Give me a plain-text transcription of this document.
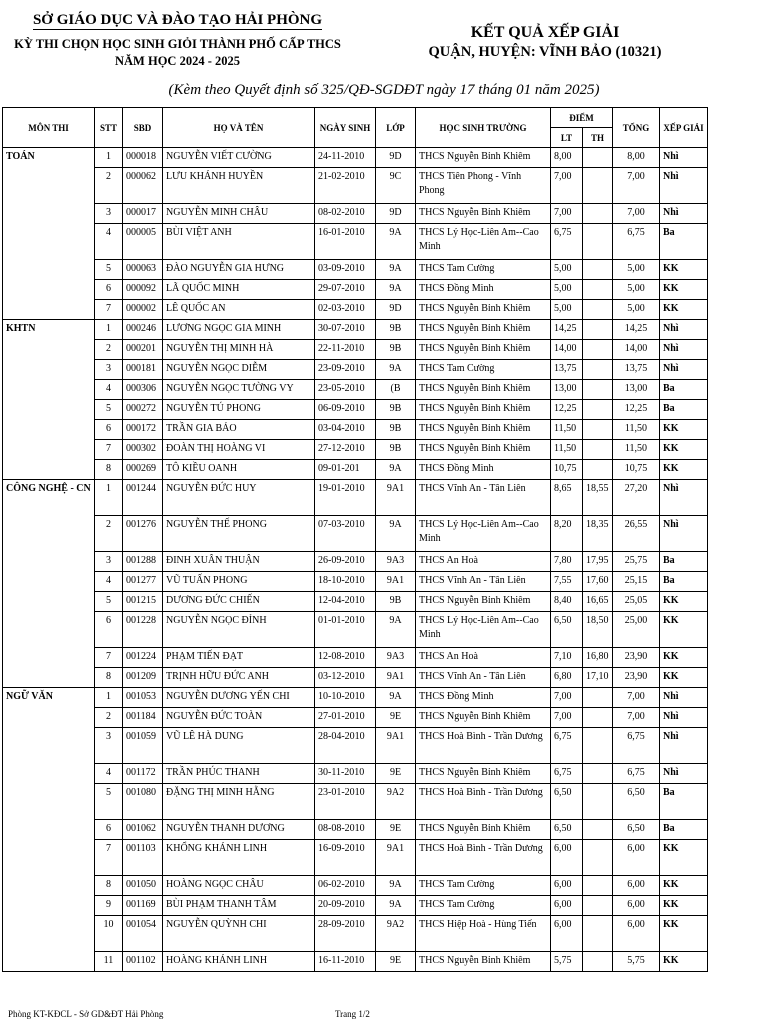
SỞ GIÁO DỤC VÀ ĐÀO TẠO HẢI PHÒNG
KỲ THI CHỌN HỌC SINH GIỎI THÀNH PHỐ CẤP THCS
NĂM HỌC 2024 - 2025
KẾT QUẢ XẾP GIẢI
QUẬN, HUYỆN: VĨNH BẢO (10321)
(Kèm theo Quyết định số 325/QĐ-SGDĐT ngày 17 tháng 01 năm 2025)
MÔN THI	STT	SBD	HỌ VÀ TÊN	NGÀY SINH	LỚP	HỌC SINH TRƯỜNG	ĐIỂM		TỔNG	XẾP GIẢI
							LT	TH		
TOÁN	1	000018	NGUYỄN VIẾT CƯỜNG	24-11-2010	9D	THCS Nguyễn Bỉnh Khiêm	8,00		8,00	Nhì
	2	000062	LƯU KHÁNH HUYỀN	21-02-2010	9C	THCS Tiên Phong - Vĩnh Phong	7,00		7,00	Nhì
	3	000017	NGUYỄN MINH CHÂU	08-02-2010	9D	THCS Nguyễn Bỉnh Khiêm	7,00		7,00	Nhì
	4	000005	BÙI VIỆT ANH	16-01-2010	9A	THCS Lý Học-Liên Am--Cao Minh	6,75		6,75	Ba
	5	000063	ĐÀO NGUYỄN GIA HƯNG	03-09-2010	9A	THCS Tam Cường	5,00		5,00	KK
	6	000092	LÃ QUỐC MINH	29-07-2010	9A	THCS Đồng Minh	5,00		5,00	KK
	7	000002	LÊ QUỐC AN	02-03-2010	9D	THCS Nguyễn Bỉnh Khiêm	5,00		5,00	KK
KHTN	1	000246	LƯƠNG NGỌC GIA MINH	30-07-2010	9B	THCS Nguyễn Bỉnh Khiêm	14,25		14,25	Nhì
	2	000201	NGUYỄN THỊ MINH HÀ	22-11-2010	9B	THCS Nguyễn Bỉnh Khiêm	14,00		14,00	Nhì
	3	000181	NGUYỄN NGỌC DIỄM	23-09-2010	9A	THCS Tam Cường	13,75		13,75	Nhì
	4	000306	NGUYỄN NGỌC TƯỜNG VY	23-05-2010	(B	THCS Nguyễn Bỉnh Khiêm	13,00		13,00	Ba
	5	000272	NGUYỄN TÚ PHONG	06-09-2010	9B	THCS Nguyễn Bỉnh Khiêm	12,25		12,25	Ba
	6	000172	TRẦN GIA BẢO	03-04-2010	9B	THCS Nguyễn Bỉnh Khiêm	11,50		11,50	KK
	7	000302	ĐOÀN THỊ HOÀNG VI	27-12-2010	9B	THCS Nguyễn Bỉnh Khiêm	11,50		11,50	KK
	8	000269	TÔ KIỀU OANH	09-01-201	9A	THCS Đồng Minh	10,75		10,75	KK
CÔNG NGHỆ - CN	1	001244	NGUYỄN ĐỨC HUY	19-01-2010	9A1	THCS Vĩnh An - Tân Liên	8,65	18,55	27,20	Nhì
	2	001276	NGUYỄN THẾ PHONG	07-03-2010	9A	THCS Lý Học-Liên Am--Cao Minh	8,20	18,35	26,55	Nhì
	3	001288	ĐINH XUÂN THUẬN	26-09-2010	9A3	THCS An Hoà	7,80	17,95	25,75	Ba
	4	001277	VŨ TUẤN PHONG	18-10-2010	9A1	THCS Vĩnh An - Tân Liên	7,55	17,60	25,15	Ba
	5	001215	DƯƠNG ĐỨC CHIẾN	12-04-2010	9B	THCS Nguyễn Bỉnh Khiêm	8,40	16,65	25,05	KK
	6	001228	NGUYỄN NGỌC ĐỈNH	01-01-2010	9A	THCS Lý Học-Liên Am--Cao Minh	6,50	18,50	25,00	KK
	7	001224	PHẠM TIẾN ĐẠT	12-08-2010	9A3	THCS An Hoà	7,10	16,80	23,90	KK
	8	001209	TRỊNH HỮU ĐỨC ANH	03-12-2010	9A1	THCS Vĩnh An - Tân Liên	6,80	17,10	23,90	KK
NGỮ VĂN	1	001053	NGUYỄN DƯƠNG YẾN CHI	10-10-2010	9A	THCS Đồng Minh	7,00		7,00	Nhì
	2	001184	NGUYỄN ĐỨC TOÀN	27-01-2010	9E	THCS Nguyễn Bỉnh Khiêm	7,00		7,00	Nhì
	3	001059	VŨ LÊ HÀ DUNG	28-04-2010	9A1	THCS Hoà Bình - Trần Dương	6,75		6,75	Nhì
	4	001172	TRẦN PHÚC THANH	30-11-2010	9E	THCS Nguyễn Bỉnh Khiêm	6,75		6,75	Nhì
	5	001080	ĐẶNG THỊ MINH HẰNG	23-01-2010	9A2	THCS Hoà Bình - Trần Dương	6,50		6,50	Ba
	6	001062	NGUYỄN THANH DƯƠNG	08-08-2010	9E	THCS Nguyễn Bỉnh Khiêm	6,50		6,50	Ba
	7	001103	KHỔNG KHÁNH LINH	16-09-2010	9A1	THCS Hoà Bình - Trần Dương	6,00		6,00	KK
	8	001050	HOÀNG NGỌC CHÂU	06-02-2010	9A	THCS Tam Cường	6,00		6,00	KK
	9	001169	BÙI PHẠM THANH TÂM	20-09-2010	9A	THCS Tam Cường	6,00		6,00	KK
	10	001054	NGUYỄN QUỲNH CHI	28-09-2010	9A2	THCS Hiệp Hoà - Hùng Tiến	6,00		6,00	KK
	11	001102	HOÀNG KHÁNH LINH	16-11-2010	9E	THCS Nguyễn Bỉnh Khiêm	5,75		5,75	KK
Phòng KT-KĐCL - Sở GD&ĐT Hải Phòng	Trang 1/2
